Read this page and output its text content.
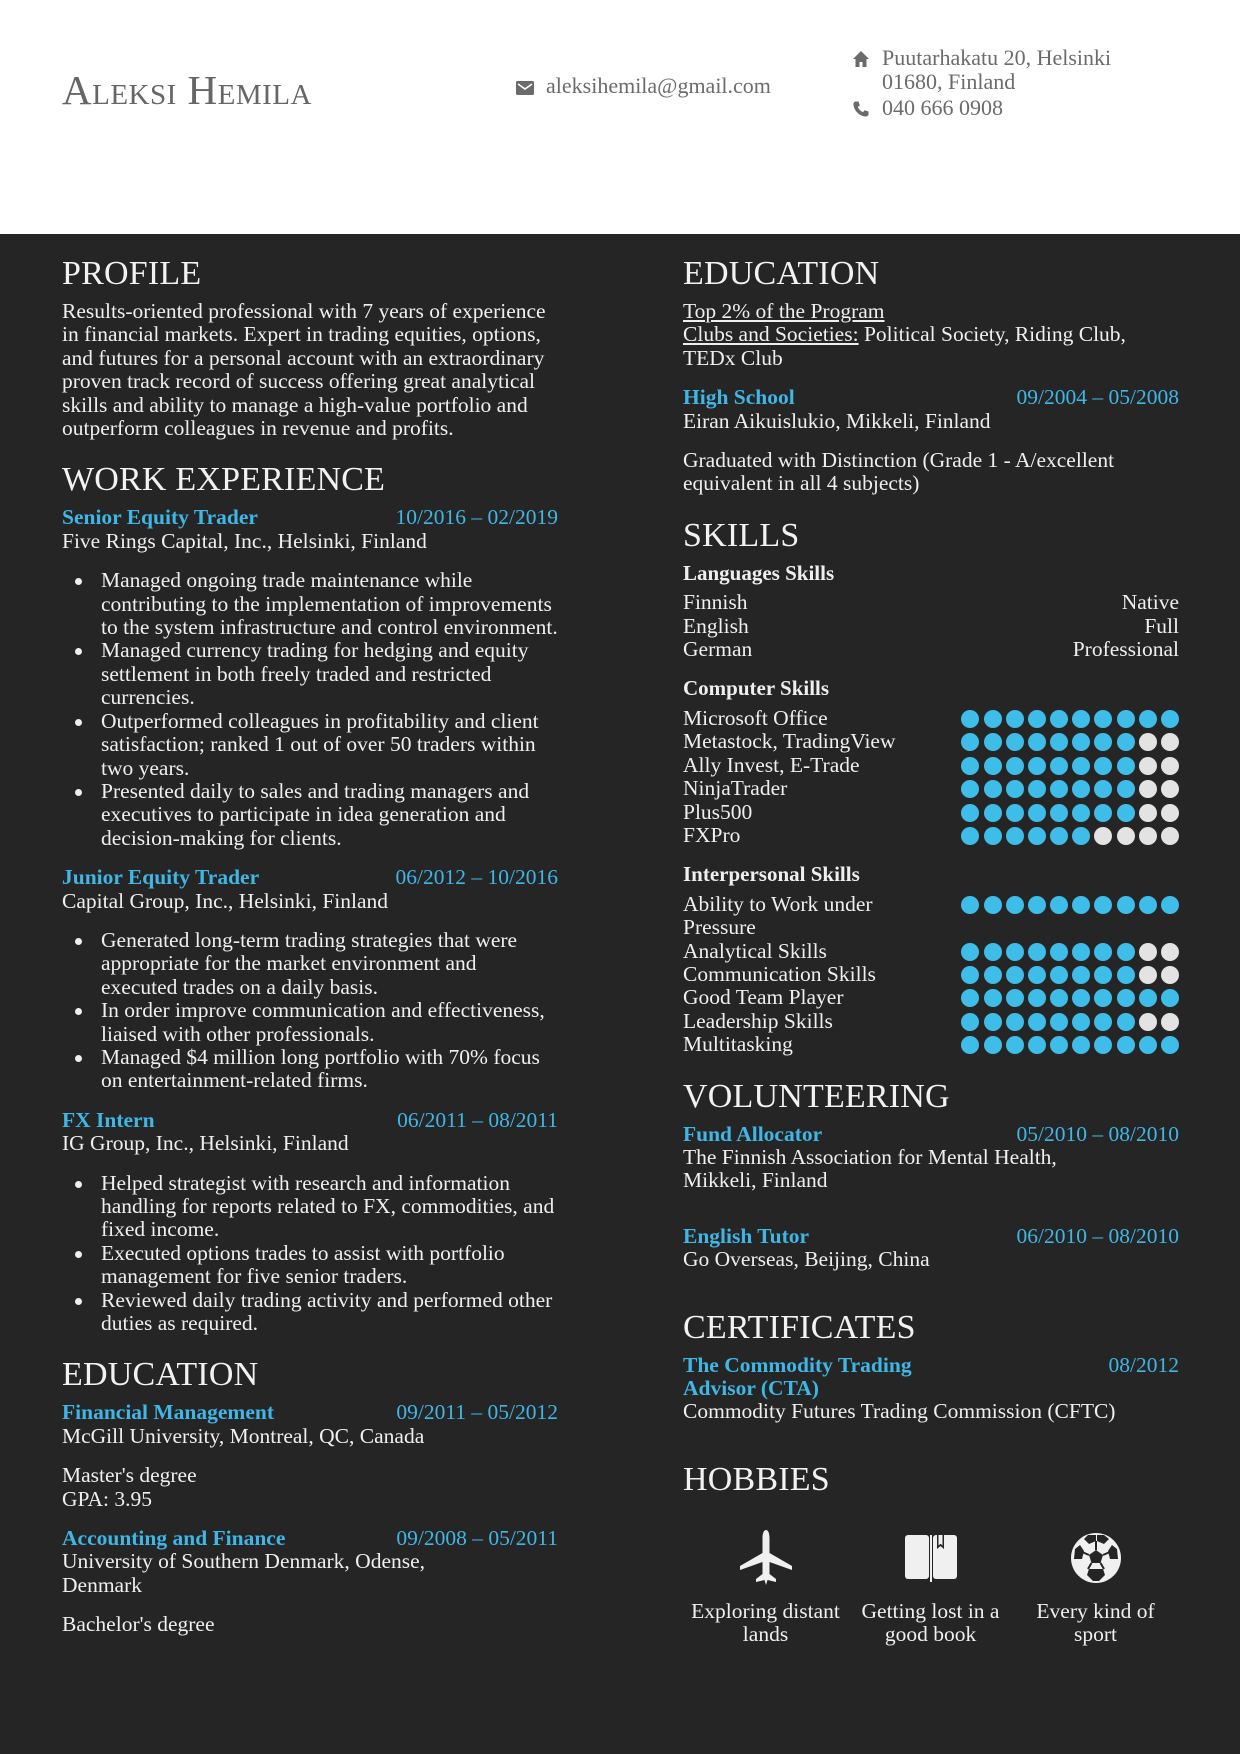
Aleksi Hemila	aleksihemila@gmail.com
Puutarhakatu 20, Helsinki
01680, Finland
040 666 0908
PROFILE

Results-oriented professional with 7 years of experience in financial markets. Expert in trading equities, options, and futures for a personal account with an extraordinary proven track record of success offering great analytical skills and ability to manage a high-value portfolio and outperform colleagues in revenue and profits.

WORK EXPERIENCE
Senior Equity Trader	10/2016 – 02/2019
Five Rings Capital, Inc., Helsinki, Finland
Managed ongoing trade maintenance while contributing to the implementation of improvements to the system infrastructure and control environment.
Managed currency trading for hedging and equity settlement in both freely traded and restricted currencies.
Outperformed colleagues in profitability and client satisfaction; ranked 1 out of over 50 traders within two years.
Presented daily to sales and trading managers and executives to participate in idea generation and decision-making for clients.
Junior Equity Trader	06/2012 – 10/2016
Capital Group, Inc., Helsinki, Finland
Generated long-term trading strategies that were appropriate for the market environment and executed trades on a daily basis.
In order improve communication and effectiveness, liaised with other professionals.
Managed $4 million long portfolio with 70% focus on entertainment-related firms.
FX Intern	06/2011 – 08/2011
IG Group, Inc., Helsinki, Finland
Helped strategist with research and information handling for reports related to FX, commodities, and fixed income.
Executed options trades to assist with portfolio management for five senior traders.
Reviewed daily trading activity and performed other duties as required.
EDUCATION
Financial Management	09/2011 – 05/2012
McGill University, Montreal, QC, Canada
Master's degree
GPA: 3.95
Accounting and Finance	09/2008 – 05/2011
University of Southern Denmark, Odense, Denmark
Bachelor's degree
EDUCATION
Top 2% of the Program
Clubs and Societies: Political Society, Riding Club, TEDx Club
High School	09/2004 – 05/2008
Eiran Aikuislukio, Mikkeli, Finland
Graduated with Distinction (Grade 1 - A/excellent equivalent in all 4 subjects)
SKILLS
Languages Skills
Finnish	Native
English	Full
German	Professional
Computer Skills
Microsoft Office
Metastock, TradingView
Ally Invest, E-Trade
NinjaTrader
Plus500
FXPro
Interpersonal Skills
Ability to Work under Pressure
Analytical Skills
Communication Skills
Good Team Player
Leadership Skills
Multitasking
VOLUNTEERING
Fund Allocator	05/2010 – 08/2010
The Finnish Association for Mental Health, Mikkeli, Finland
English Tutor	06/2010 – 08/2010
Go Overseas, Beijing, China
CERTIFICATES
The Commodity Trading Advisor (CTA)
08/2012
Commodity Futures Trading Commission (CFTC)
HOBBIES
Exploring distant lands
Getting lost in a good book
Every kind of sport
